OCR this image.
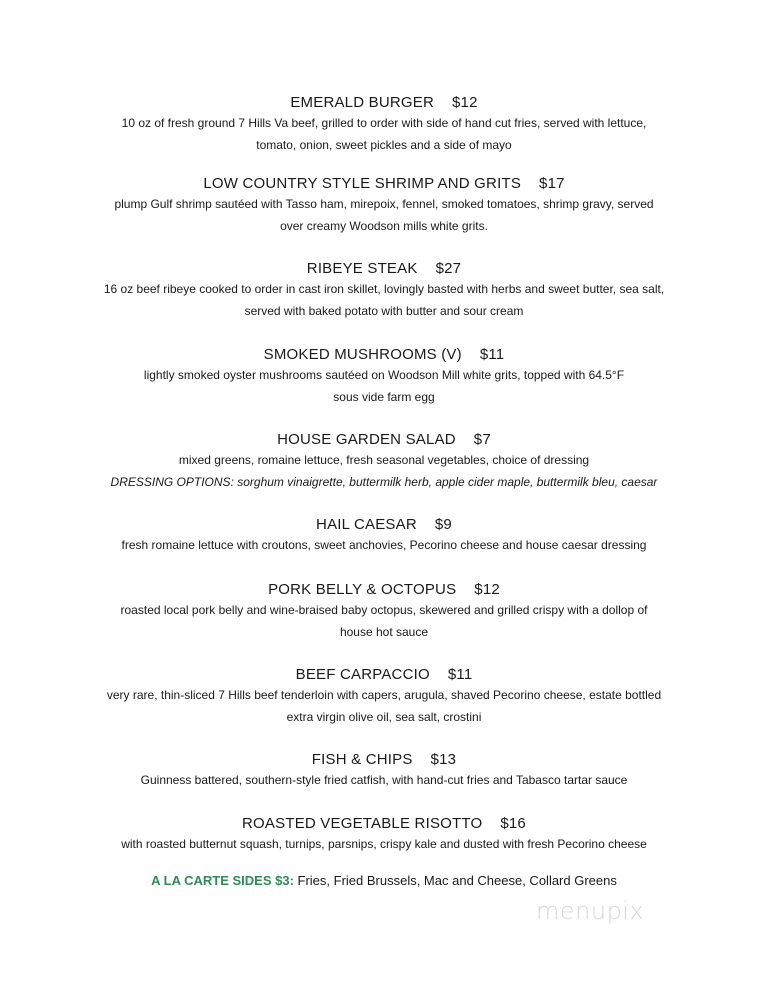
EMERALD BURGER $12
10 oz of fresh ground 7 Hills Va beef, grilled to order with side of hand cut fries, served with lettuce,
tomato, onion, sweet pickles and a side of mayo
LOW COUNTRY STYLE SHRIMP AND GRITS $17
plump Gulf shrimp sautéed with Tasso ham, mirepoix, fennel, smoked tomatoes, shrimp gravy, served
over creamy Woodson mills white grits.
RIBEYE STEAK $27
16 oz beef ribeye cooked to order in cast iron skillet, lovingly basted with herbs and sweet butter, sea salt,
served with baked potato with butter and sour cream
SMOKED MUSHROOMS (V) $11
lightly smoked oyster mushrooms sautéed on Woodson Mill white grits, topped with 64.5°F
sous vide farm egg
HOUSE GARDEN SALAD $7
mixed greens, romaine lettuce, fresh seasonal vegetables, choice of dressing
DRESSING OPTIONS: sorghum vinaigrette, buttermilk herb, apple cider maple, buttermilk bleu, caesar
HAIL CAESAR $9
fresh romaine lettuce with croutons, sweet anchovies, Pecorino cheese and house caesar dressing
PORK BELLY & OCTOPUS $12
roasted local pork belly and wine-braised baby octopus, skewered and grilled crispy with a dollop of
house hot sauce
BEEF CARPACCIO $11
very rare, thin-sliced 7 Hills beef tenderloin with capers, arugula, shaved Pecorino cheese, estate bottled
extra virgin olive oil, sea salt, crostini
FISH & CHIPS $13
Guinness battered, southern-style fried catfish, with hand-cut fries and Tabasco tartar sauce
ROASTED VEGETABLE RISOTTO $16
with roasted butternut squash, turnips, parsnips, crispy kale and dusted with fresh Pecorino cheese
A LA CARTE SIDES $3: Fries, Fried Brussels, Mac and Cheese, Collard Greens
menupix
